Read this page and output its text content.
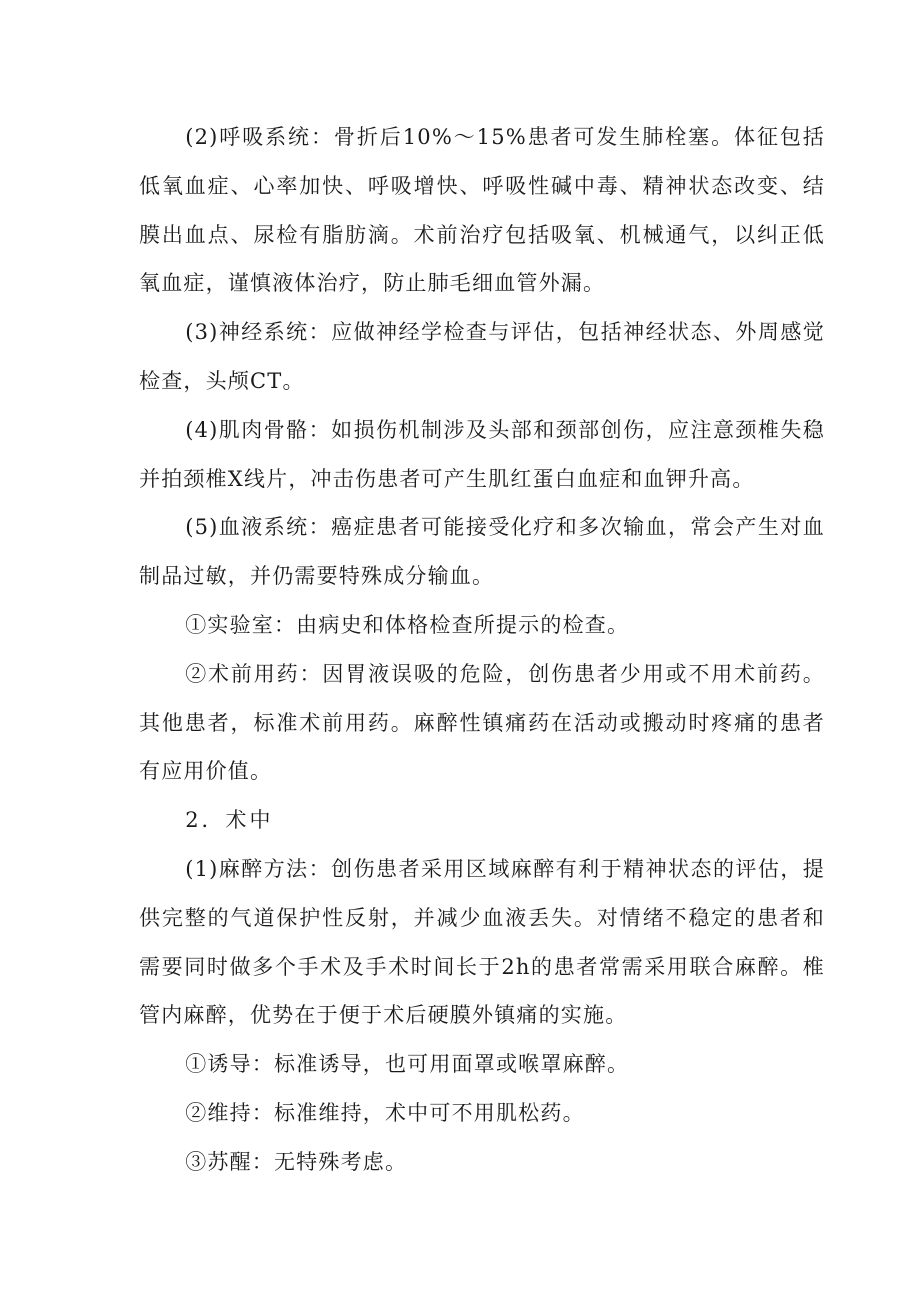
(2)呼吸系统：骨折后10%～15%患者可发生肺栓塞。体征包括低氧血症、心率加快、呼吸增快、呼吸性碱中毒、精神状态改变、结膜出血点、尿检有脂肪滴。术前治疗包括吸氧、机械通气，以纠正低氧血症，谨慎液体治疗，防止肺毛细血管外漏。

(3)神经系统：应做神经学检查与评估，包括神经状态、外周感觉检查，头颅CT。

(4)肌肉骨骼：如损伤机制涉及头部和颈部创伤，应注意颈椎失稳并拍颈椎X线片，冲击伤患者可产生肌红蛋白血症和血钾升高。

(5)血液系统：癌症患者可能接受化疗和多次输血，常会产生对血制品过敏，并仍需要特殊成分输血。

①实验室：由病史和体格检查所提示的检查。

②术前用药：因胃液误吸的危险，创伤患者少用或不用术前药。其他患者，标准术前用药。麻醉性镇痛药在活动或搬动时疼痛的患者有应用价值。

2．术中

(1)麻醉方法：创伤患者采用区域麻醉有利于精神状态的评估，提供完整的气道保护性反射，并减少血液丢失。对情绪不稳定的患者和需要同时做多个手术及手术时间长于2h的患者常需采用联合麻醉。椎管内麻醉，优势在于便于术后硬膜外镇痛的实施。

①诱导：标准诱导，也可用面罩或喉罩麻醉。

②维持：标准维持，术中可不用肌松药。

③苏醒：无特殊考虑。
